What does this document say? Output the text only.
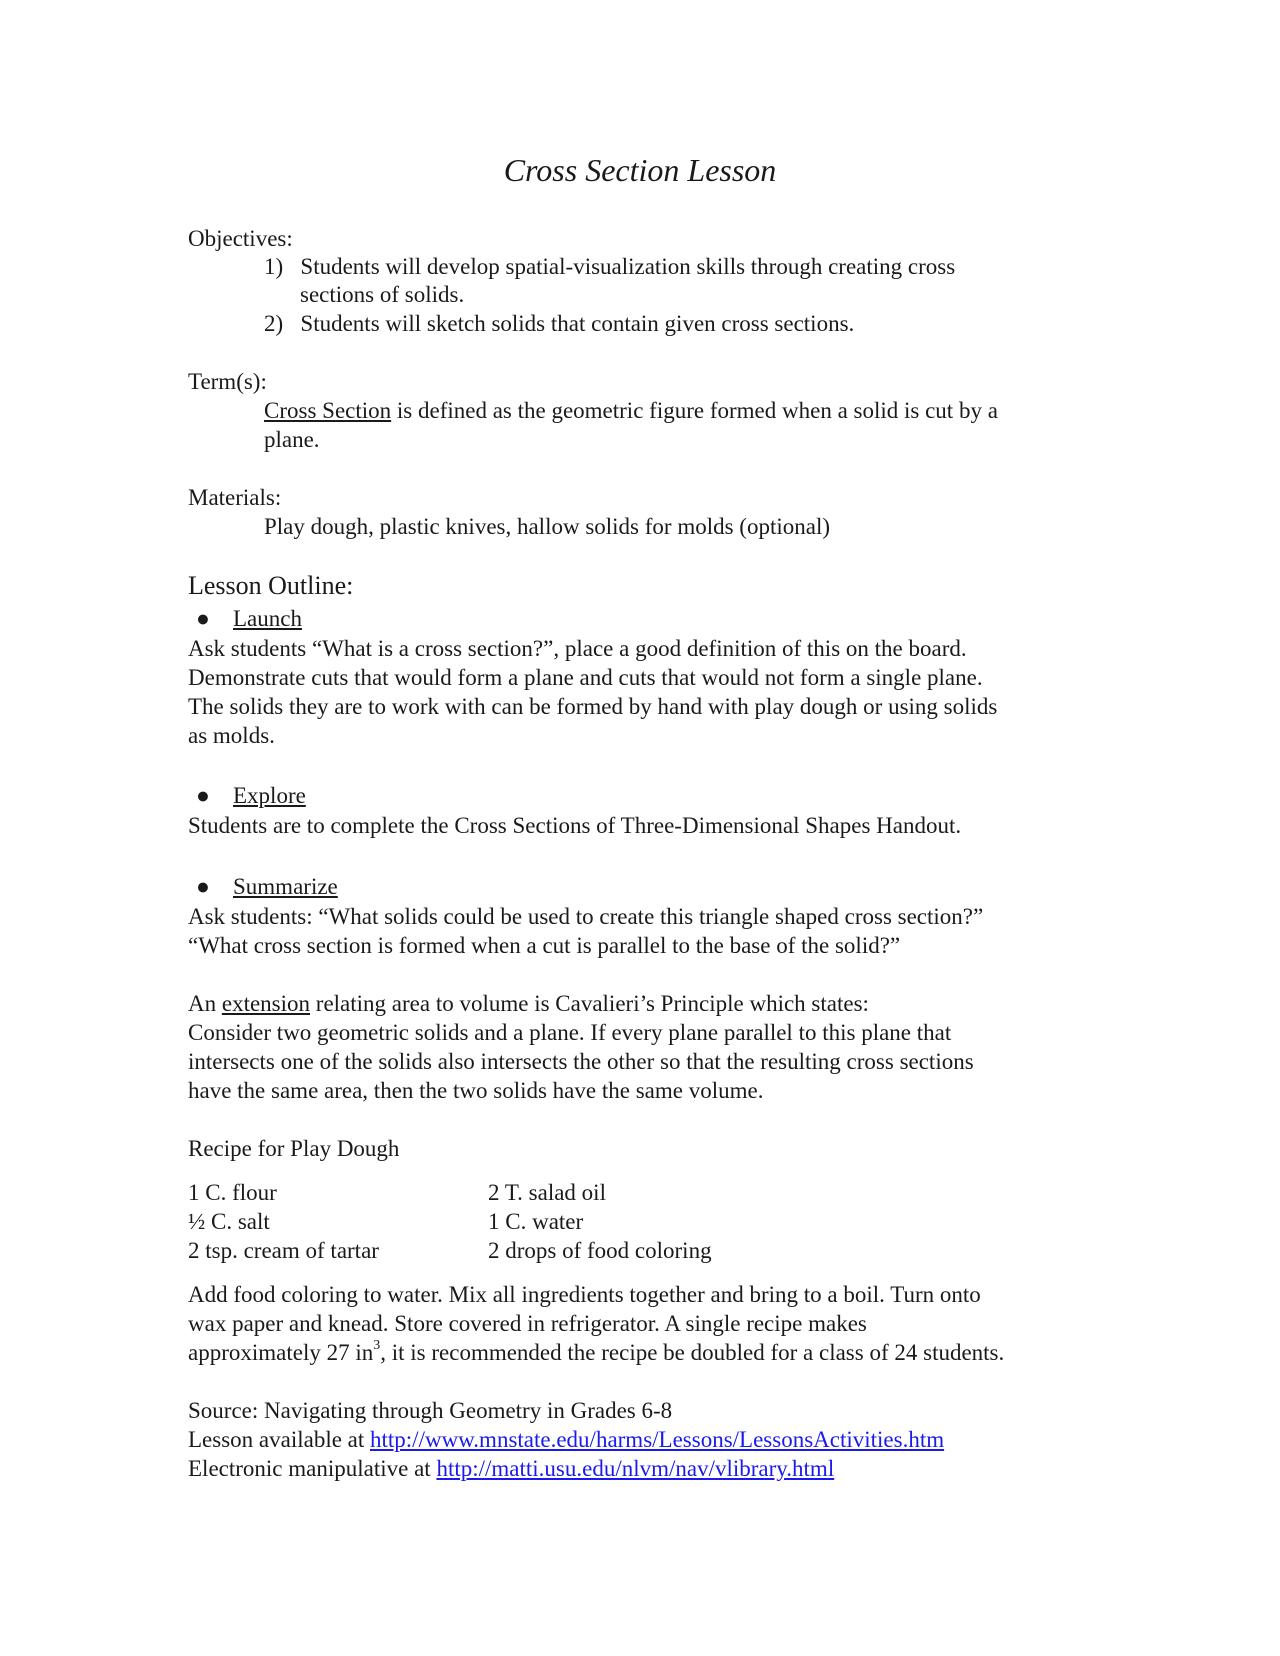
Cross Section Lesson
Objectives:
1) Students will develop spatial-visualization skills through creating cross
sections of solids.
2) Students will sketch solids that contain given cross sections.
Term(s):
Cross Section is defined as the geometric figure formed when a solid is cut by a
plane.
Materials:
Play dough, plastic knives, hallow solids for molds (optional)
Lesson Outline:
● Launch
Ask students “What is a cross section?”, place a good definition of this on the board.
Demonstrate cuts that would form a plane and cuts that would not form a single plane.
The solids they are to work with can be formed by hand with play dough or using solids
as molds.
● Explore
Students are to complete the Cross Sections of Three-Dimensional Shapes Handout.
● Summarize
Ask students: “What solids could be used to create this triangle shaped cross section?”
“What cross section is formed when a cut is parallel to the base of the solid?”
An extension relating area to volume is Cavalieri’s Principle which states:
Consider two geometric solids and a plane. If every plane parallel to this plane that
intersects one of the solids also intersects the other so that the resulting cross sections
have the same area, then the two solids have the same volume.
Recipe for Play Dough
1 C. flour
½ C. salt
2 tsp. cream of tartar
2 T. salad oil
1 C. water
2 drops of food coloring
Add food coloring to water. Mix all ingredients together and bring to a boil. Turn onto
wax paper and knead. Store covered in refrigerator. A single recipe makes
approximately 27 $in^3$, it is recommended the recipe be doubled for a class of 24 students.
Source: Navigating through Geometry in Grades 6-8
Lesson available at http://www.mnstate.edu/harms/Lessons/LessonsActivities.htm
Electronic manipulative at http://matti.usu.edu/nlvm/nav/vlibrary.html
